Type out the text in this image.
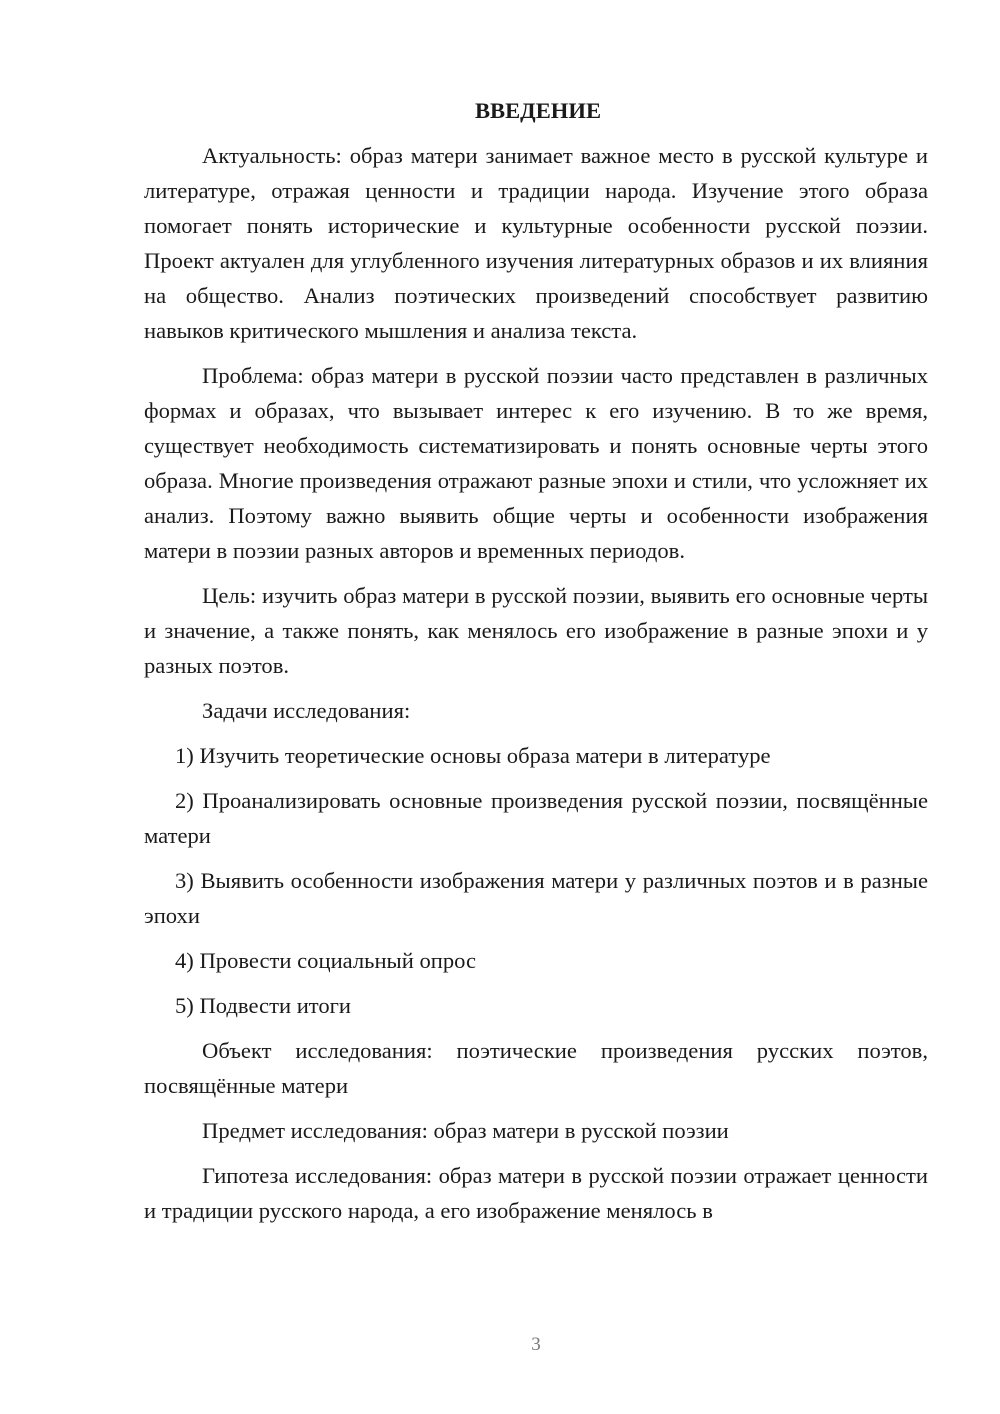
ВВЕДЕНИЕ

Актуальность: образ матери занимает важное место в русской культуре и литературе, отражая ценности и традиции народа. Изучение этого образа помогает понять исторические и культурные особенности русской поэзии. Проект актуален для углубленного изучения литературных образов и их влияния на общество. Анализ поэтических произведений способствует развитию навыков критического мышления и анализа текста.

Проблема: образ матери в русской поэзии часто представлен в различных формах и образах, что вызывает интерес к его изучению. В то же время, существует необходимость систематизировать и понять основные черты этого образа. Многие произведения отражают разные эпохи и стили, что усложняет их анализ. Поэтому важно выявить общие черты и особенности изображения матери в поэзии разных авторов и временных периодов.

Цель: изучить образ матери в русской поэзии, выявить его основные черты и значение, а также понять, как менялось его изображение в разные эпохи и у разных поэтов.

Задачи исследования:

1) Изучить теоретические основы образа матери в литературе

2) Проанализировать основные произведения русской поэзии, посвящённые матери

3) Выявить особенности изображения матери у различных поэтов и в разные эпохи

4) Провести социальный опрос

5) Подвести итоги

Объект исследования: поэтические произведения русских поэтов, посвящённые матери

Предмет исследования: образ матери в русской поэзии

Гипотеза исследования: образ матери в русской поэзии отражает ценности и традиции русского народа, а его изображение менялось в

3
